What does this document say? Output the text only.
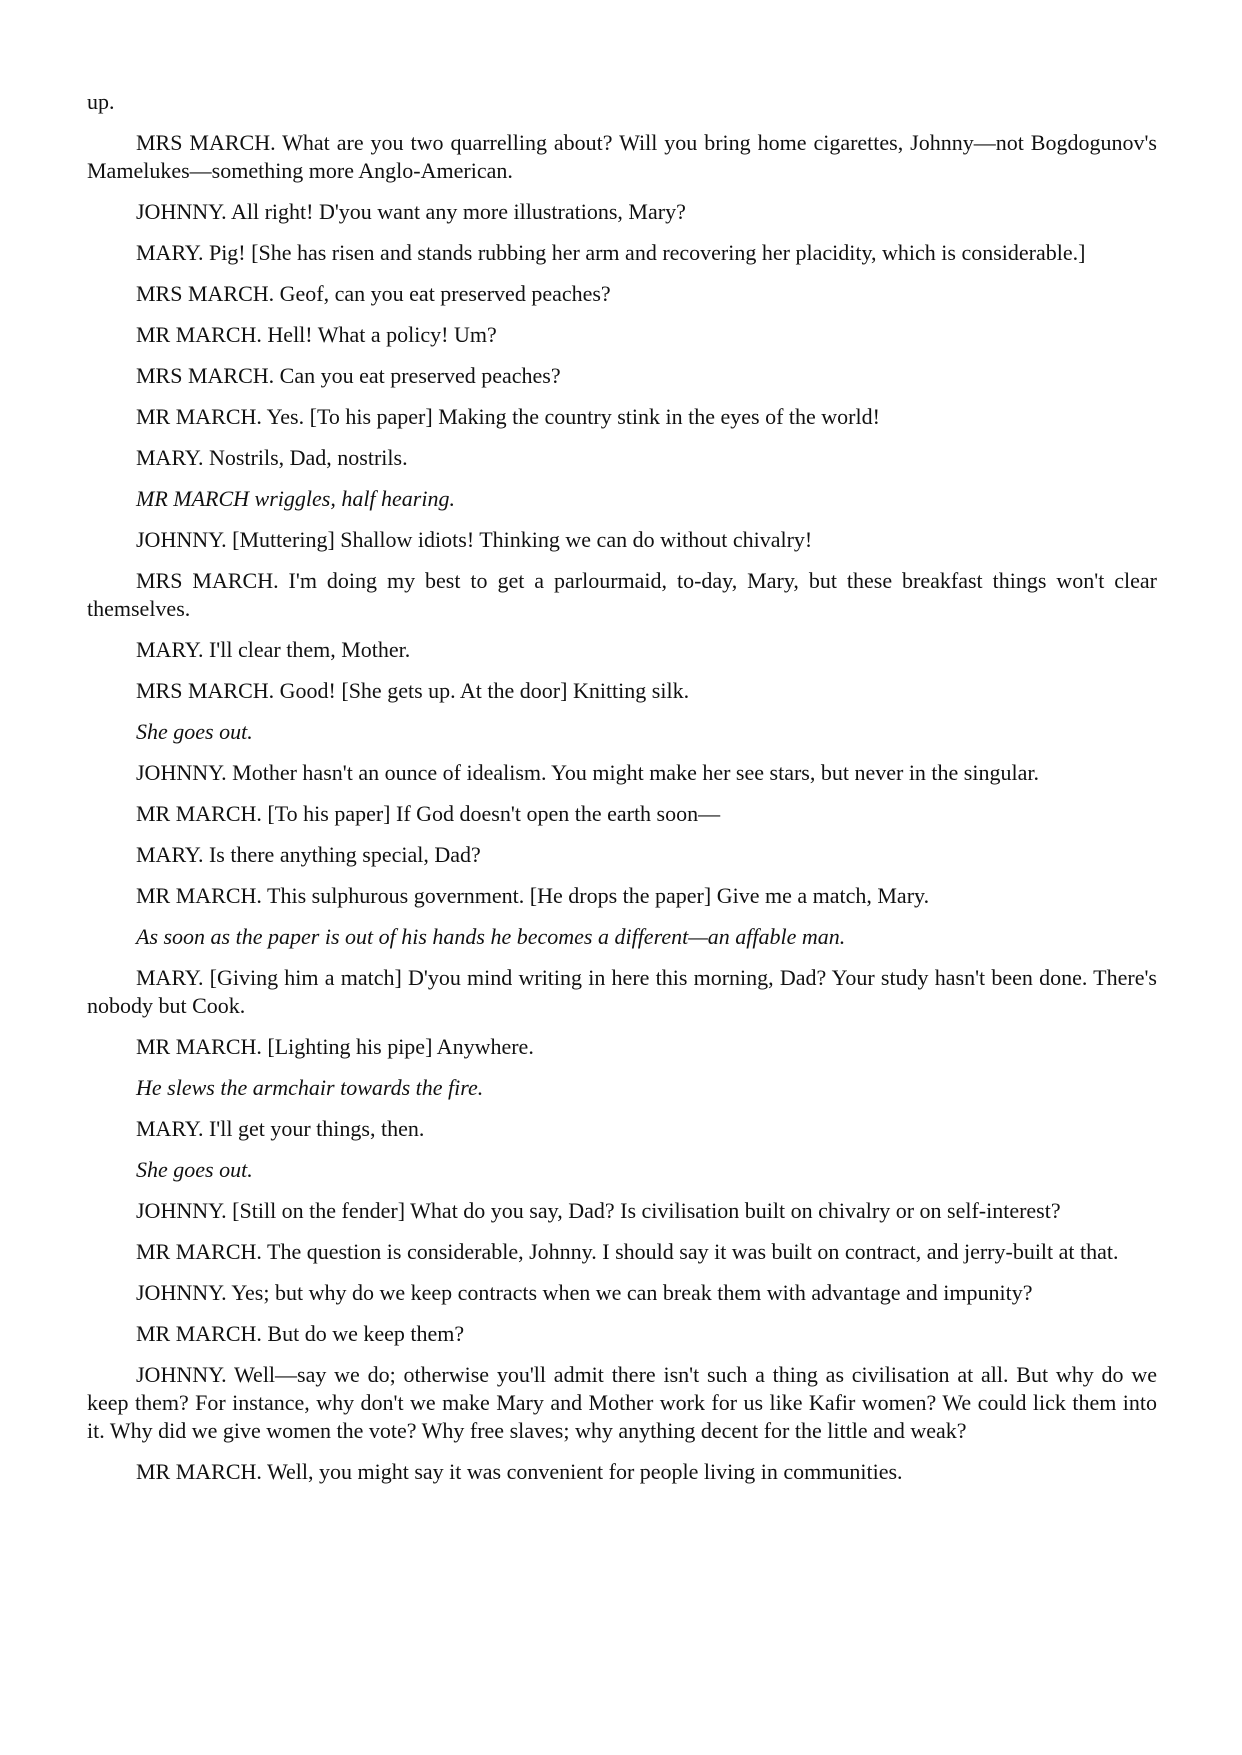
up.

MRS MARCH. What are you two quarrelling about? Will you bring home cigarettes, Johnny—not Bogdogunov's Mamelukes—something more Anglo-American.

JOHNNY. All right! D'you want any more illustrations, Mary?

MARY. Pig! [She has risen and stands rubbing her arm and recovering her placidity, which is considerable.]

MRS MARCH. Geof, can you eat preserved peaches?

MR MARCH. Hell! What a policy! Um?

MRS MARCH. Can you eat preserved peaches?

MR MARCH. Yes. [To his paper] Making the country stink in the eyes of the world!

MARY. Nostrils, Dad, nostrils.

MR MARCH wriggles, half hearing.

JOHNNY. [Muttering] Shallow idiots! Thinking we can do without chivalry!

MRS MARCH. I'm doing my best to get a parlourmaid, to-day, Mary, but these breakfast things won't clear themselves.

MARY. I'll clear them, Mother.

MRS MARCH. Good! [She gets up. At the door] Knitting silk.

She goes out.

JOHNNY. Mother hasn't an ounce of idealism. You might make her see stars, but never in the singular.

MR MARCH. [To his paper] If God doesn't open the earth soon—

MARY. Is there anything special, Dad?

MR MARCH. This sulphurous government. [He drops the paper] Give me a match, Mary.

As soon as the paper is out of his hands he becomes a different—an affable man.

MARY. [Giving him a match] D'you mind writing in here this morning, Dad? Your study hasn't been done. There's nobody but Cook.

MR MARCH. [Lighting his pipe] Anywhere.

He slews the armchair towards the fire.

MARY. I'll get your things, then.

She goes out.

JOHNNY. [Still on the fender] What do you say, Dad? Is civilisation built on chivalry or on self-interest?

MR MARCH. The question is considerable, Johnny. I should say it was built on contract, and jerry-built at that.

JOHNNY. Yes; but why do we keep contracts when we can break them with advantage and impunity?

MR MARCH. But do we keep them?

JOHNNY. Well—say we do; otherwise you'll admit there isn't such a thing as civilisation at all. But why do we keep them? For instance, why don't we make Mary and Mother work for us like Kafir women? We could lick them into it. Why did we give women the vote? Why free slaves; why anything decent for the little and weak?

MR MARCH. Well, you might say it was convenient for people living in communities.
